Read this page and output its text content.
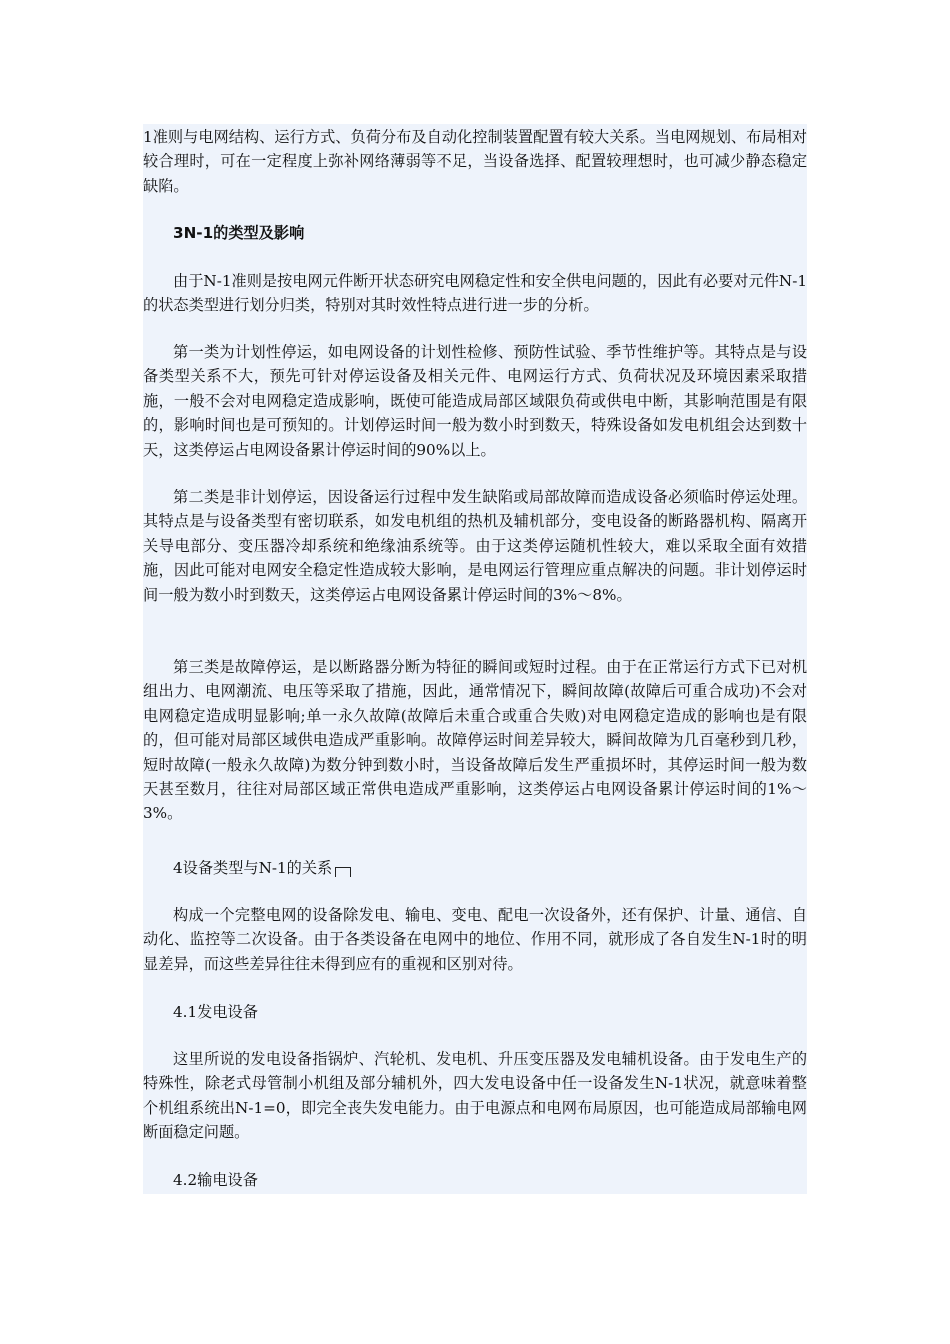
1准则与电网结构、运行方式、负荷分布及自动化控制装置配置有较大关系。当电网规划、布局相对较合理时，可在一定程度上弥补网络薄弱等不足，当设备选择、配置较理想时，也可减少静态稳定缺陷。

3N-1的类型及影响

由于N-1准则是按电网元件断开状态研究电网稳定性和安全供电问题的，因此有必要对元件N-1的状态类型进行划分归类，特别对其时效性特点进行进一步的分析。

第一类为计划性停运，如电网设备的计划性检修、预防性试验、季节性维护等。其特点是与设备类型关系不大，预先可针对停运设备及相关元件、电网运行方式、负荷状况及环境因素采取措施，一般不会对电网稳定造成影响，既使可能造成局部区域限负荷或供电中断，其影响范围是有限的，影响时间也是可预知的。计划停运时间一般为数小时到数天，特殊设备如发电机组会达到数十天，这类停运占电网设备累计停运时间的90%以上。

第二类是非计划停运，因设备运行过程中发生缺陷或局部故障而造成设备必须临时停运处理。其特点是与设备类型有密切联系，如发电机组的热机及辅机部分，变电设备的断路器机构、隔离开关导电部分、变压器冷却系统和绝缘油系统等。由于这类停运随机性较大，难以采取全面有效措施，因此可能对电网安全稳定性造成较大影响，是电网运行管理应重点解决的问题。非计划停运时间一般为数小时到数天，这类停运占电网设备累计停运时间的3%～8%。

第三类是故障停运，是以断路器分断为特征的瞬间或短时过程。由于在正常运行方式下已对机组出力、电网潮流、电压等采取了措施，因此，通常情况下，瞬间故障(故障后可重合成功)不会对电网稳定造成明显影响;单一永久故障(故障后未重合或重合失败)对电网稳定造成的影响也是有限的，但可能对局部区域供电造成严重影响。故障停运时间差异较大，瞬间故障为几百毫秒到几秒，短时故障(一般永久故障)为数分钟到数小时，当设备故障后发生严重损坏时，其停运时间一般为数天甚至数月，往往对局部区域正常供电造成严重影响，这类停运占电网设备累计停运时间的1%～3%。

4设备类型与N-1的关系

构成一个完整电网的设备除发电、输电、变电、配电一次设备外，还有保护、计量、通信、自动化、监控等二次设备。由于各类设备在电网中的地位、作用不同，就形成了各自发生N-1时的明显差异，而这些差异往往未得到应有的重视和区别对待。

4.1发电设备

这里所说的发电设备指锅炉、汽轮机、发电机、升压变压器及发电辅机设备。由于发电生产的特殊性，除老式母管制小机组及部分辅机外，四大发电设备中任一设备发生N-1状况，就意味着整个机组系统出N-1=0，即完全丧失发电能力。由于电源点和电网布局原因，也可能造成局部输电网断面稳定问题。

4.2输电设备
